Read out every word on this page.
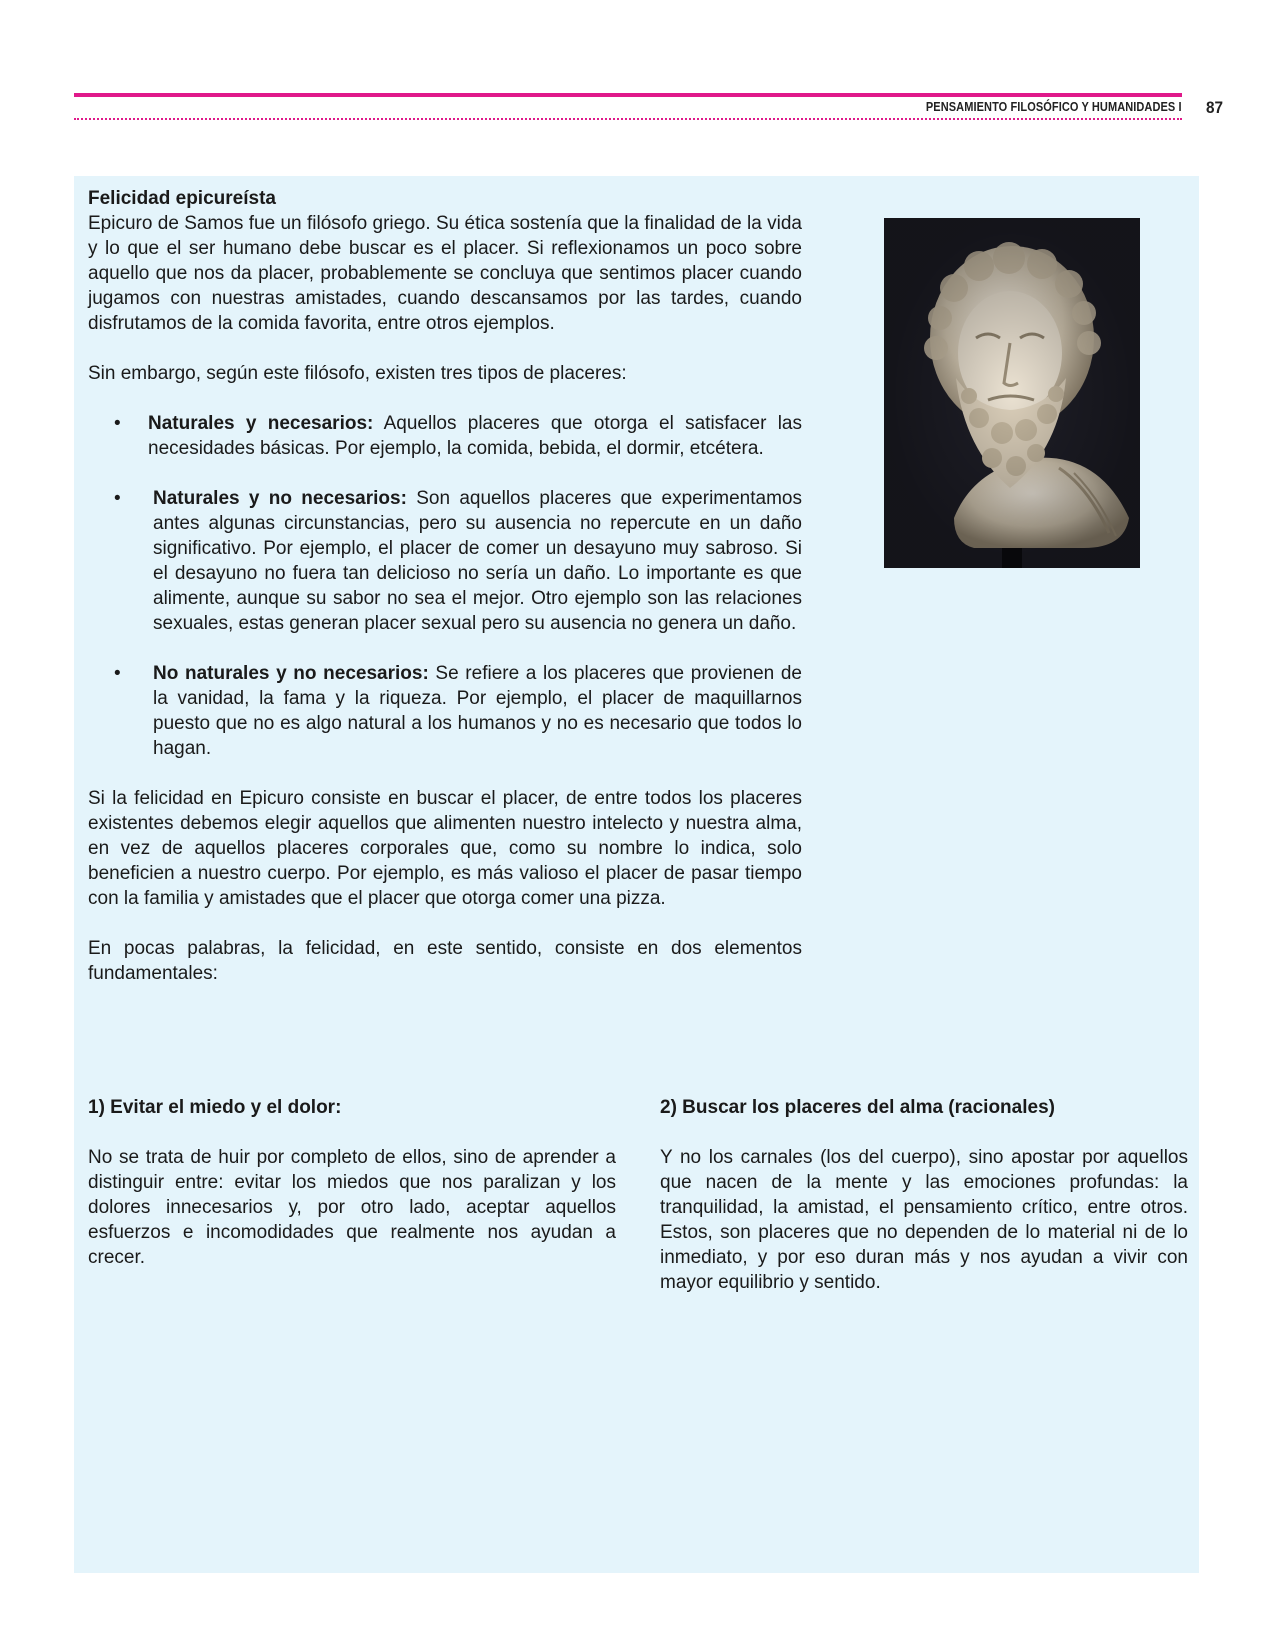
PENSAMIENTO FILOSÓFICO Y HUMANIDADES I 87

Felicidad epicureísta

Epicuro de Samos fue un filósofo griego. Su ética sostenía que la finalidad de la vida y lo que el ser humano debe buscar es el placer. Si reflexionamos un poco sobre aquello que nos da placer, probablemente se concluya que sentimos placer cuando jugamos con nuestras amistades, cuando descansamos por las tardes, cuando disfrutamos de la comida favorita, entre otros ejemplos.

Sin embargo, según este filósofo, existen tres tipos de placeres:

• Naturales y necesarios: Aquellos placeres que otorga el satisfacer las necesidades básicas. Por ejemplo, la comida, bebida, el dormir, etcétera.
• Naturales y no necesarios: Son aquellos placeres que experimentamos antes algunas circunstancias, pero su ausencia no repercute en un daño significativo. Por ejemplo, el placer de comer un desayuno muy sabroso. Si el desayuno no fuera tan delicioso no sería un daño. Lo importante es que alimente, aunque su sabor no sea el mejor. Otro ejemplo son las relaciones sexuales, estas generan placer sexual pero su ausencia no genera un daño.
• No naturales y no necesarios: Se refiere a los placeres que provienen de la vanidad, la fama y la riqueza. Por ejemplo, el placer de maquillarnos puesto que no es algo natural a los humanos y no es necesario que todos lo hagan.

Si la felicidad en Epicuro consiste en buscar el placer, de entre todos los placeres existentes debemos elegir aquellos que alimenten nuestro intelecto y nuestra alma, en vez de aquellos placeres corporales que, como su nombre lo indica, solo beneficien a nuestro cuerpo. Por ejemplo, es más valioso el placer de pasar tiempo con la familia y amistades que el placer que otorga comer una pizza.

En pocas palabras, la felicidad, en este sentido, consiste en dos elementos fundamentales:

1) Evitar el miedo y el dolor:

No se trata de huir por completo de ellos, sino de aprender a distinguir entre: evitar los miedos que nos paralizan y los dolores innecesarios y, por otro lado, aceptar aquellos esfuerzos e incomodidades que realmente nos ayudan a crecer.

2) Buscar los placeres del alma (racionales)

Y no los carnales (los del cuerpo), sino apostar por aquellos que nacen de la mente y las emociones profundas: la tranquilidad, la amistad, el pensamiento crítico, entre otros. Estos, son placeres que no dependen de lo material ni de lo inmediato, y por eso duran más y nos ayudan a vivir con mayor equilibrio y sentido.
